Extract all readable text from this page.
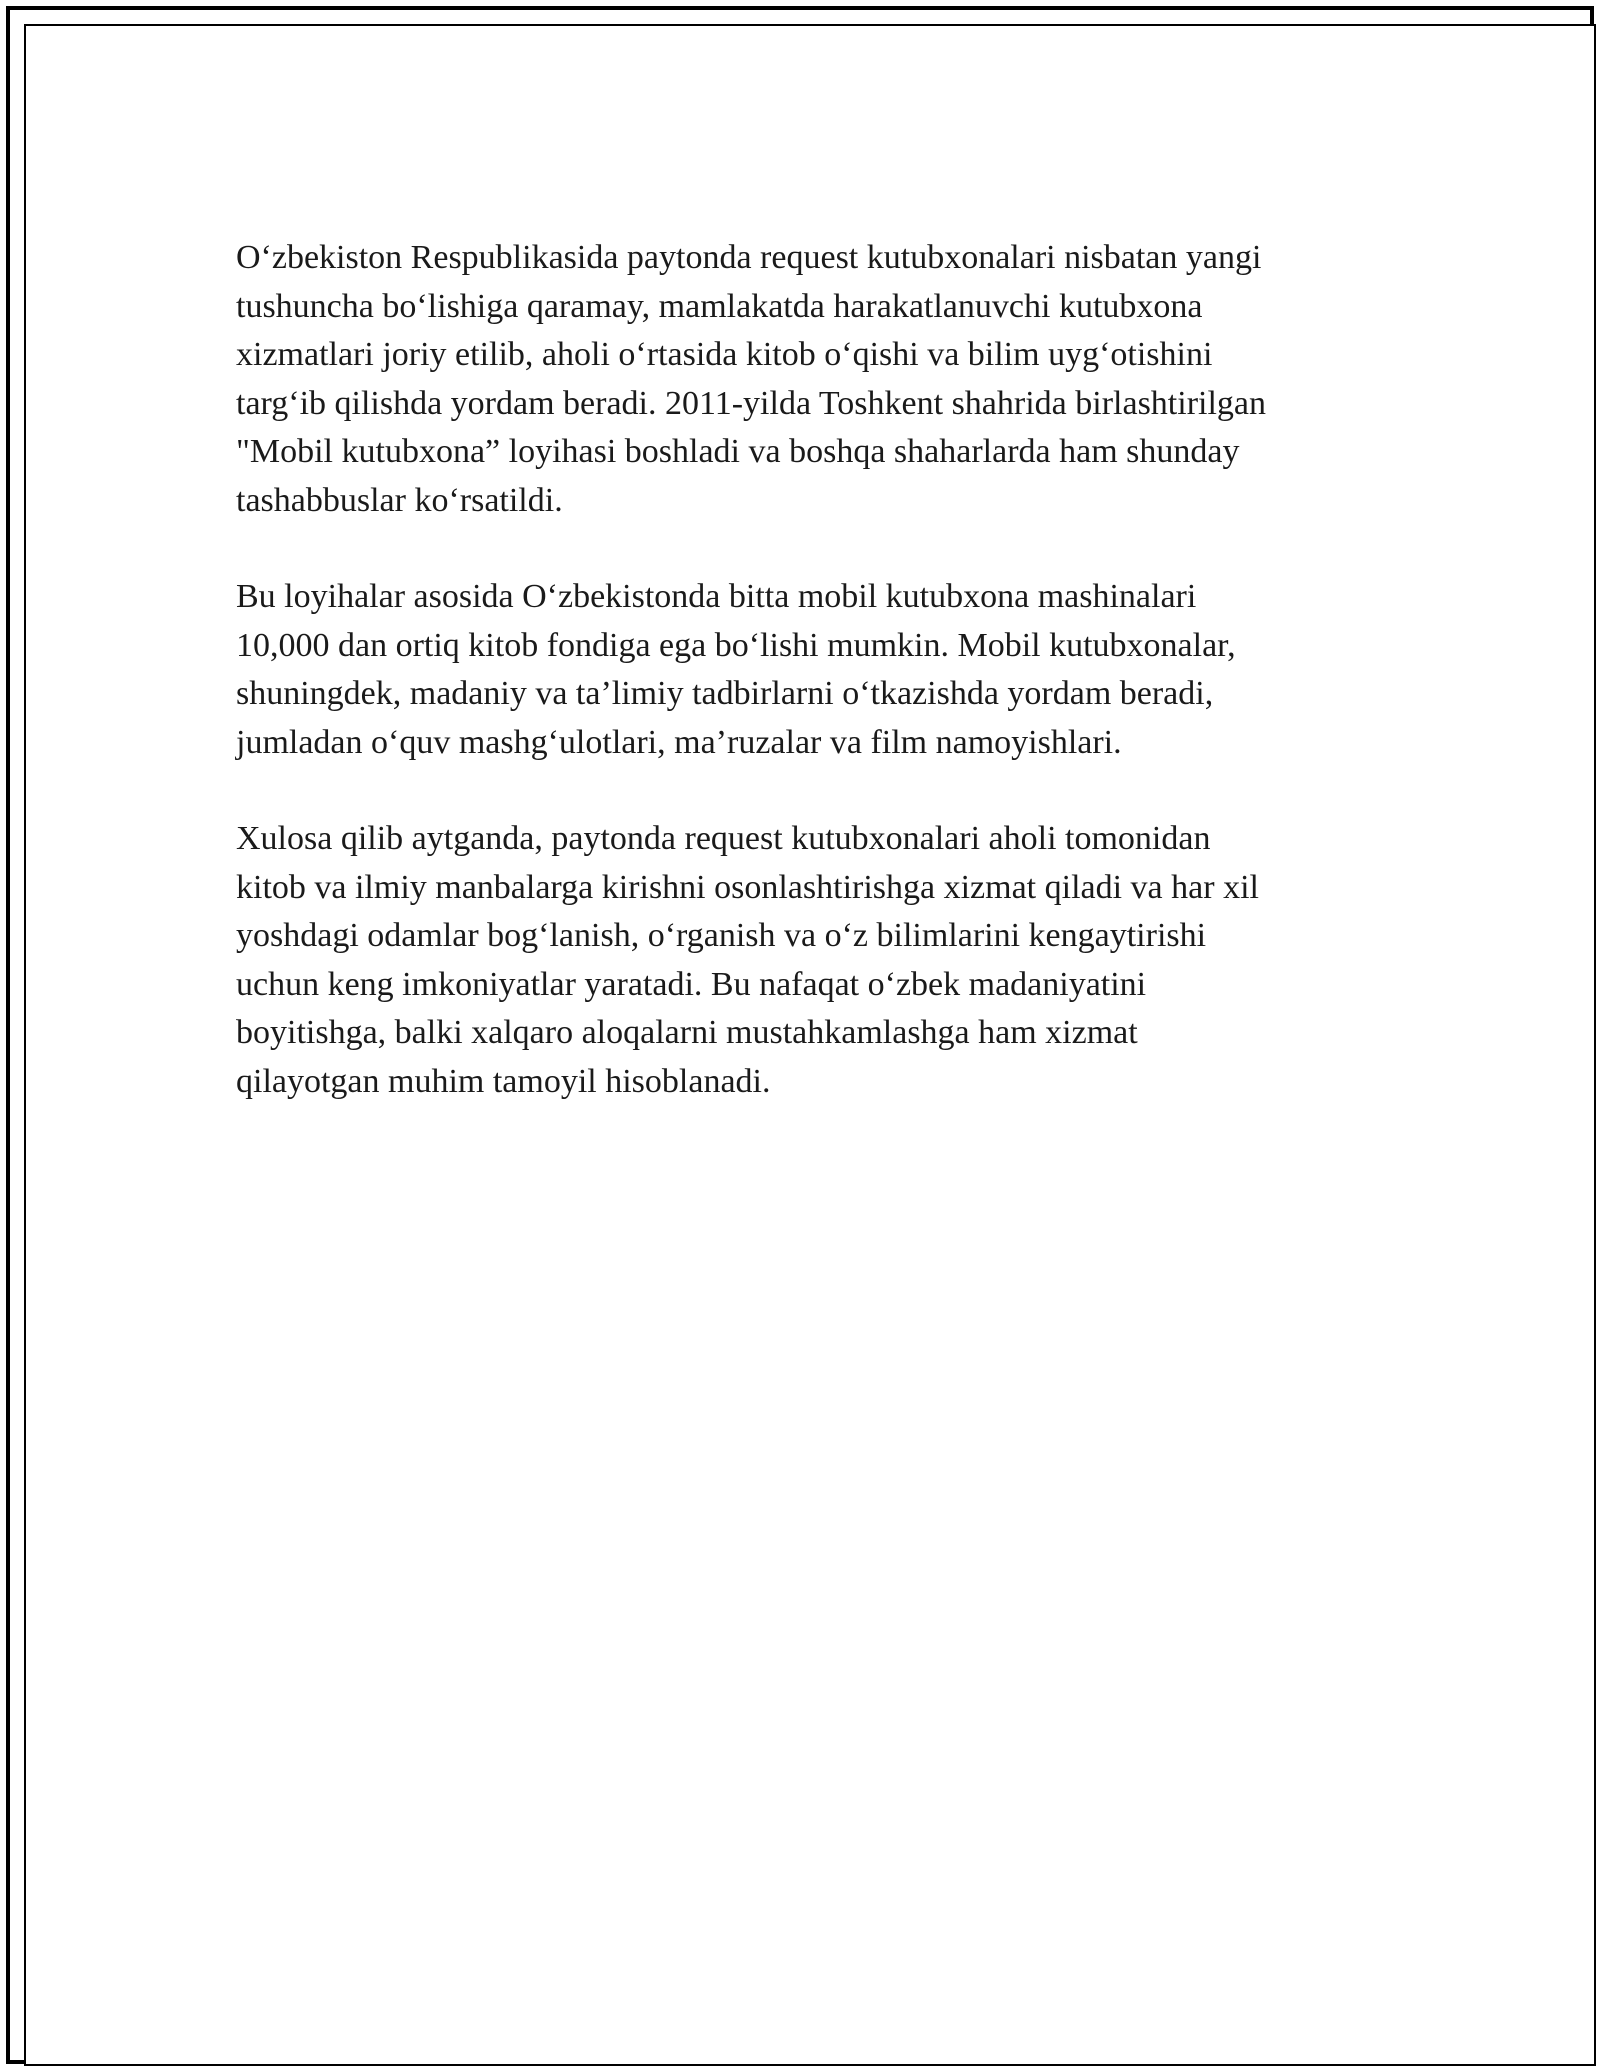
O‘zbekiston Respublikasida paytonda request kutubxonalari nisbatan yangi
tushuncha bo‘lishiga qaramay, mamlakatda harakatlanuvchi kutubxona
xizmatlari joriy etilib, aholi o‘rtasida kitob o‘qishi va bilim uyg‘otishini
targ‘ib qilishda yordam beradi. 2011-yilda Toshkent shahrida birlashtirilgan
"Mobil kutubxona” loyihasi boshladi va boshqa shaharlarda ham shunday
tashabbuslar ko‘rsatildi.

Bu loyihalar asosida O‘zbekistonda bitta mobil kutubxona mashinalari
10,000 dan ortiq kitob fondiga ega bo‘lishi mumkin. Mobil kutubxonalar,
shuningdek, madaniy va ta’limiy tadbirlarni o‘tkazishda yordam beradi,
jumladan o‘quv mashg‘ulotlari, ma’ruzalar va film namoyishlari.

Xulosa qilib aytganda, paytonda request kutubxonalari aholi tomonidan
kitob va ilmiy manbalarga kirishni osonlashtirishga xizmat qiladi va har xil
yoshdagi odamlar bog‘lanish, o‘rganish va o‘z bilimlarini kengaytirishi
uchun keng imkoniyatlar yaratadi. Bu nafaqat o‘zbek madaniyatini
boyitishga, balki xalqaro aloqalarni mustahkamlashga ham xizmat
qilayotgan muhim tamoyil hisoblanadi.
